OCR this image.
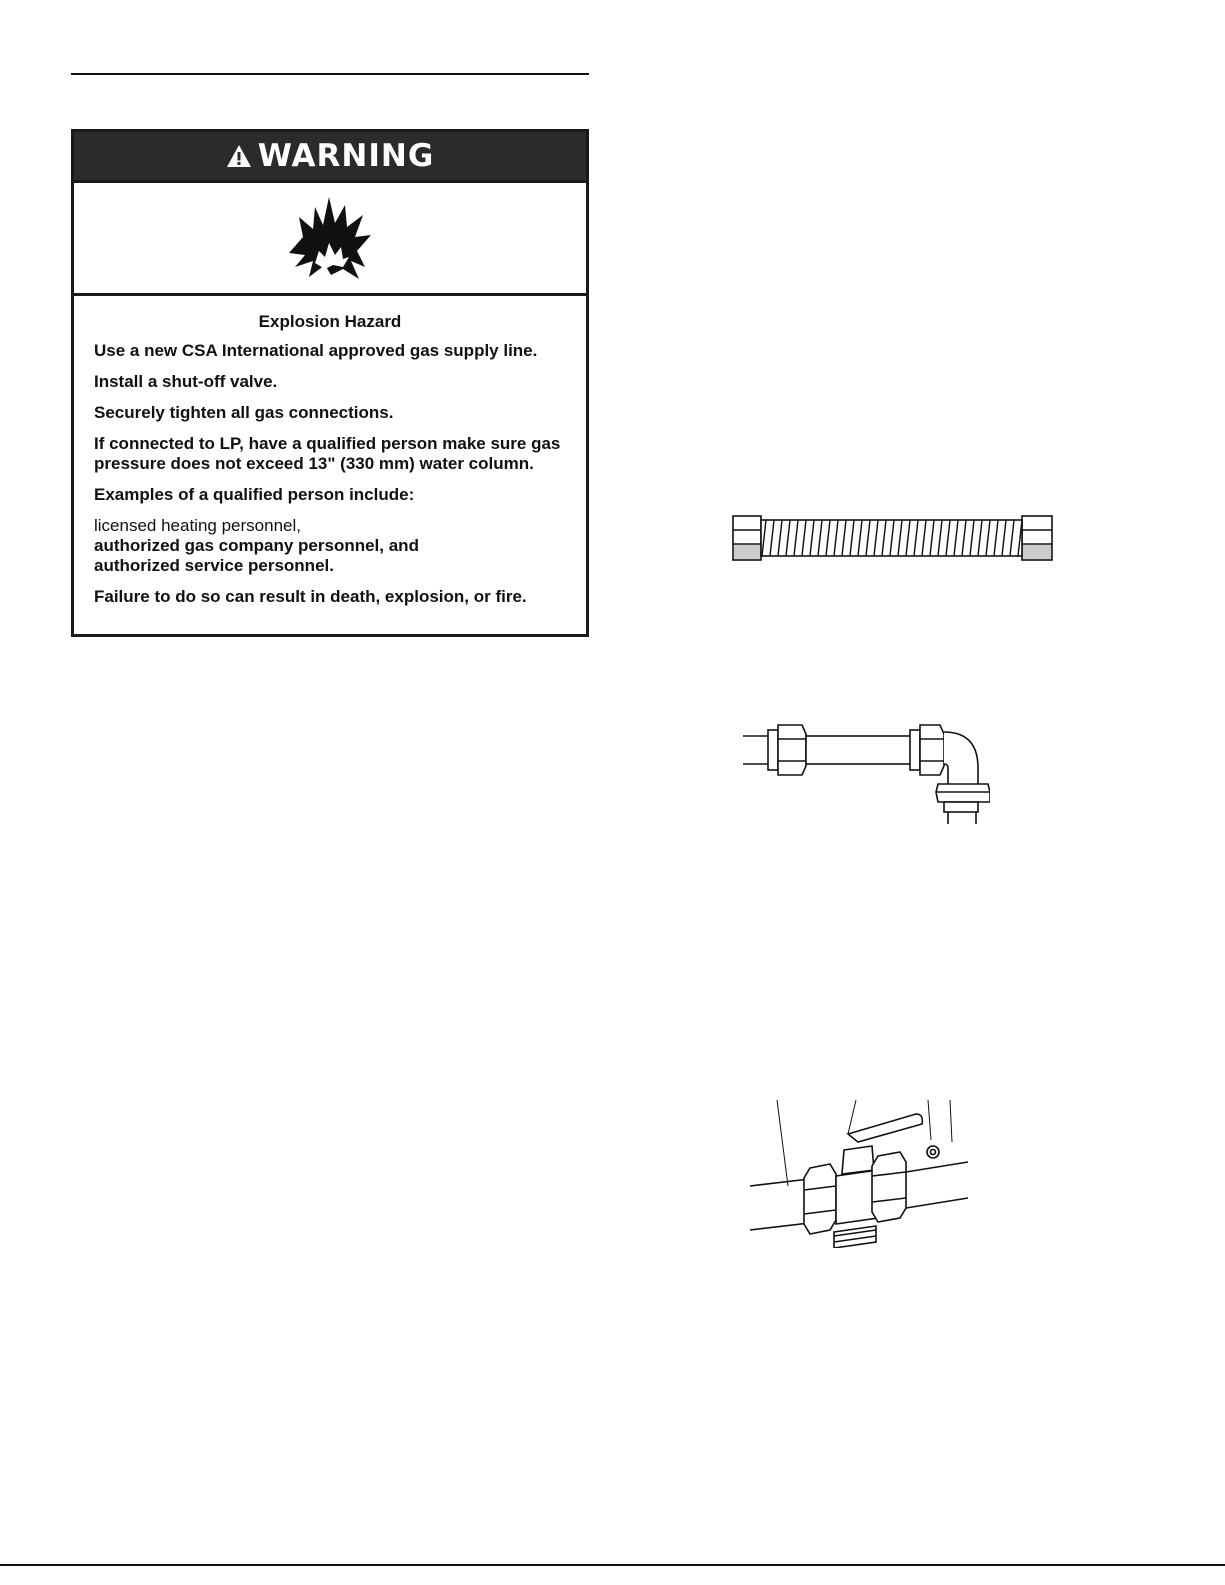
WARNING

Explosion Hazard

Use a new CSA International approved gas supply line.

Install a shut-off valve.

Securely tighten all gas connections.

If connected to LP, have a qualified person make sure gas pressure does not exceed 13" (330 mm) water column.

Examples of a qualified person include:

licensed heating personnel,

authorized gas company personnel, and

authorized service personnel.

Failure to do so can result in death, explosion, or fire.
